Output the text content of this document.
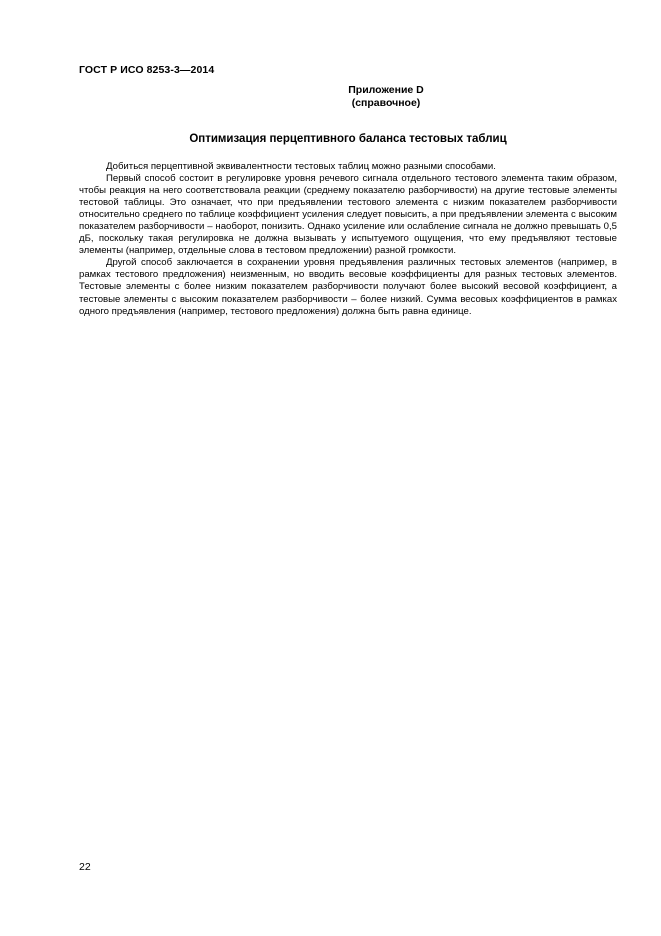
ГОСТ Р ИСО 8253-3—2014
Приложение D
(справочное)
Оптимизация перцептивного баланса тестовых таблиц

Добиться перцептивной эквивалентности тестовых таблиц можно разными способами.

Первый способ состоит в регулировке уровня речевого сигнала отдельного тестового элемента таким образом, чтобы реакция на него соответствовала реакции (среднему показателю разборчивости) на другие тестовые элементы тестовой таблицы. Это означает, что при предъявлении тестового элемента с низким показателем разборчивости относительно среднего по таблице коэффициент усиления следует повысить, а при предъявлении элемента с высоким показателем разборчивости – наоборот, понизить. Однако усиление или ослабление сигнала не должно превышать 0,5 дБ, поскольку такая регулировка не должна вызывать у испытуемого ощущения, что ему предъявляют тестовые элементы (например, отдельные слова в тестовом предложении) разной громкости.

Другой способ заключается в сохранении уровня предъявления различных тестовых элементов (например, в рамках тестового предложения) неизменным, но вводить весовые коэффициенты для разных тестовых элементов. Тестовые элементы с более низким показателем разборчивости получают более высокий весовой коэффициент, а тестовые элементы с высоким показателем разборчивости – более низкий. Сумма весовых коэффициентов в рамках одного предъявления (например, тестового предложения) должна быть равна единице.

22
